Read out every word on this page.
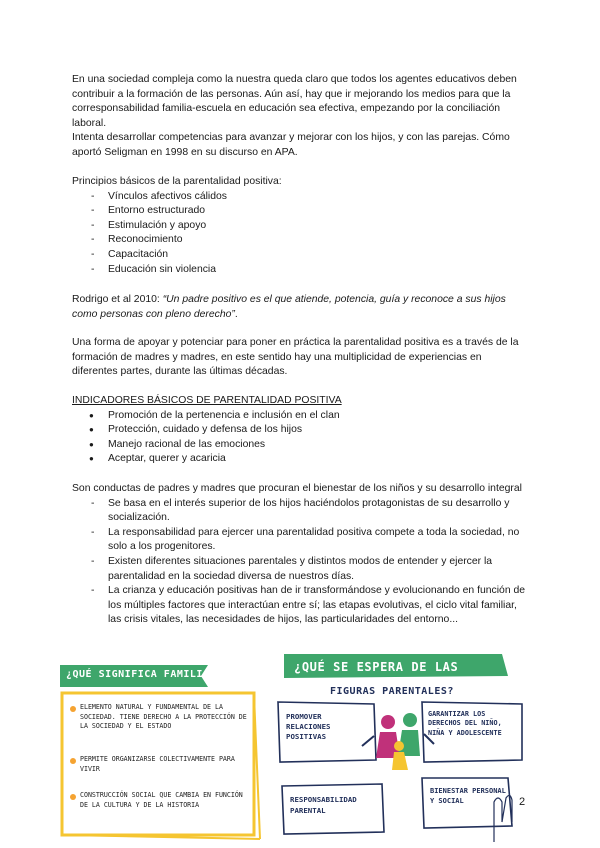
En una sociedad compleja como la nuestra queda claro que todos los agentes educativos deben contribuir a la formación de las personas. Aún así, hay que ir mejorando los medios para que la corresponsabilidad familia-escuela en educación sea efectiva, empezando por la conciliación laboral.

Intenta desarrollar competencias para avanzar y mejorar con los hijos, y con las parejas. Cómo aportó Seligman en 1998 en su discurso en APA.

Principios básicos de la parentalidad positiva:

- Vínculos afectivos cálidos
- Entorno estructurado
- Estimulación y apoyo
- Reconocimiento
- Capacitación
- Educación sin violencia

Rodrigo et al 2010: “Un padre positivo es el que atiende, potencia, guía y reconoce a sus hijos como personas con pleno derecho”.

Una forma de apoyar y potenciar para poner en práctica la parentalidad positiva es a través de la formación de madres y madres, en este sentido hay una multiplicidad de experiencias en diferentes partes, durante las últimas décadas.

INDICADORES BÁSICOS DE PARENTALIDAD POSITIVA

● Promoción de la pertenencia e inclusión en el clan
● Protección, cuidado y defensa de los hijos
● Manejo racional de las emociones
● Aceptar, querer y acaricia

Son conductas de padres y madres que procuran el bienestar de los niños y su desarrollo integral

- Se basa en el interés superior de los hijos haciéndolos protagonistas de su desarrollo y socialización.
- La responsabilidad para ejercer una parentalidad positiva compete a toda la sociedad, no solo a los progenitores.
- Existen diferentes situaciones parentales y distintos modos de entender y ejercer la parentalidad en la sociedad diversa de nuestros días.
- La crianza y educación positivas han de ir transformándose y evolucionando en función de los múltiples factores que interactúan entre sí; las etapas evolutivas, el ciclo vital familiar, las crisis vitales, las necesidades de hijos, las particularidades del entorno...
¿QUÉ SIGNIFICA FAMILIA?
ELEMENTO NATURAL Y FUNDAMENTAL DE LA SOCIEDAD. TIENE DERECHO A LA PROTECCIÓN DE LA SOCIEDAD Y EL ESTADO
PERMITE ORGANIZARSE COLECTIVAMENTE PARA VIVIR
CONSTRUCCIÓN SOCIAL QUE CAMBIA EN FUNCIÓN DE LA CULTURA Y DE LA HISTORIA
¿QUÉ SE ESPERA DE LAS
FIGURAS PARENTALES?
PROMOVER RELACIONES POSITIVAS
GARANTIZAR LOS DERECHOS DEL NIÑO, NIÑA Y ADOLESCENTE
RESPONSABILIDAD PARENTAL
BIENESTAR PERSONAL Y SOCIAL	2
